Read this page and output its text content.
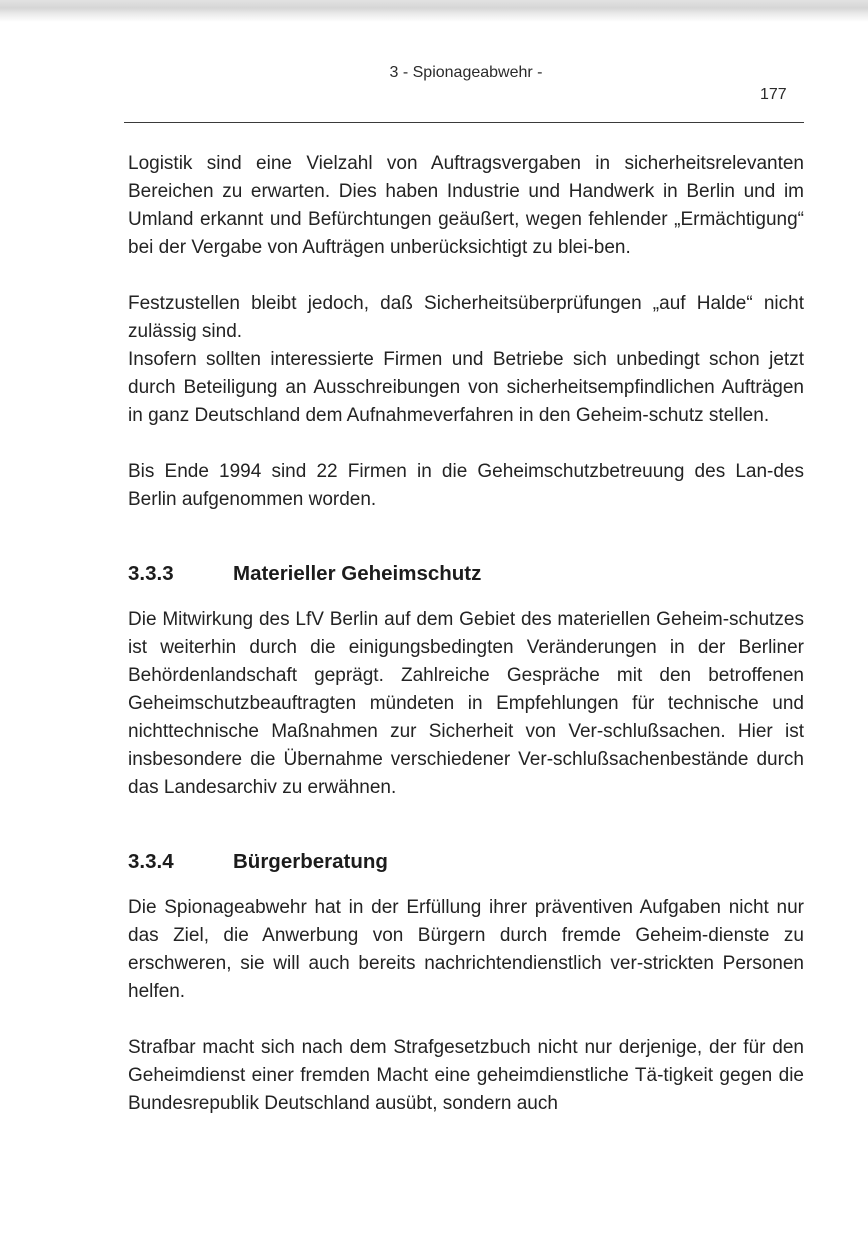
3 - Spionageabwehr -
177

Logistik sind eine Vielzahl von Auftragsvergaben in sicherheitsrelevanten Bereichen zu erwarten. Dies haben Industrie und Handwerk in Berlin und im Umland erkannt und Befürchtungen geäußert, wegen fehlender „Ermächtigung“ bei der Vergabe von Aufträgen unberücksichtigt zu blei-ben.

Festzustellen bleibt jedoch, daß Sicherheitsüberprüfungen „auf Halde“ nicht zulässig sind.

Insofern sollten interessierte Firmen und Betriebe sich unbedingt schon jetzt durch Beteiligung an Ausschreibungen von sicherheitsempfindlichen Aufträgen in ganz Deutschland dem Aufnahmeverfahren in den Geheim-schutz stellen.

Bis Ende 1994 sind 22 Firmen in die Geheimschutzbetreuung des Lan-des Berlin aufgenommen worden.

3.3.3	Materieller Geheimschutz

Die Mitwirkung des LfV Berlin auf dem Gebiet des materiellen Geheim-schutzes ist weiterhin durch die einigungsbedingten Veränderungen in der Berliner Behördenlandschaft geprägt. Zahlreiche Gespräche mit den betroffenen Geheimschutzbeauftragten mündeten in Empfehlungen für technische und nichttechnische Maßnahmen zur Sicherheit von Ver-schlußsachen. Hier ist insbesondere die Übernahme verschiedener Ver-schlußsachenbestände durch das Landesarchiv zu erwähnen.

3.3.4	Bürgerberatung

Die Spionageabwehr hat in der Erfüllung ihrer präventiven Aufgaben nicht nur das Ziel, die Anwerbung von Bürgern durch fremde Geheim-dienste zu erschweren, sie will auch bereits nachrichtendienstlich ver-strickten Personen helfen.

Strafbar macht sich nach dem Strafgesetzbuch nicht nur derjenige, der für den Geheimdienst einer fremden Macht eine geheimdienstliche Tä-tigkeit gegen die Bundesrepublik Deutschland ausübt, sondern auch
